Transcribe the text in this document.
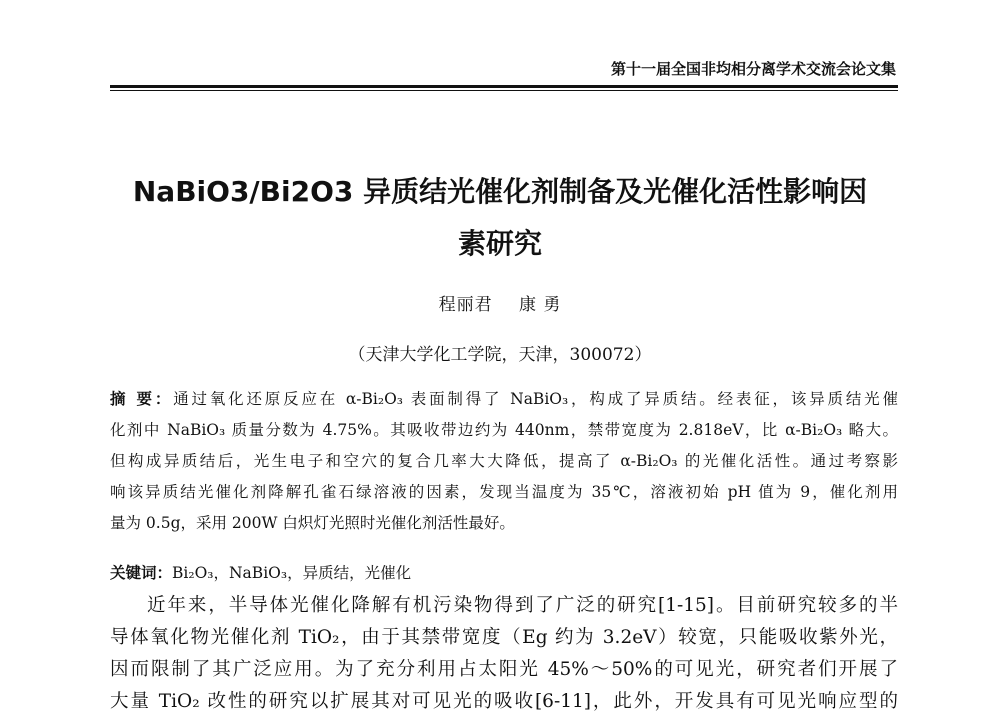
第十一届全国非均相分离学术交流会论文集
NaBiO3/Bi2O3 异质结光催化剂制备及光催化活性影响因
素研究
程丽君 康 勇
（天津大学化工学院，天津，300072）
摘 要：通过氧化还原反应在 α-Bi₂O₃ 表面制得了 NaBiO₃，构成了异质结。经表征，该异质结光催
化剂中 NaBiO₃ 质量分数为 4.75%。其吸收带边约为 440nm，禁带宽度为 2.818eV，比 α-Bi₂O₃ 略大。
但构成异质结后，光生电子和空穴的复合几率大大降低，提高了 α-Bi₂O₃ 的光催化活性。通过考察影
响该异质结光催化剂降解孔雀石绿溶液的因素，发现当温度为 35℃，溶液初始 pH 值为 9，催化剂用
量为 0.5g，采用 200W 白炽灯光照时光催化剂活性最好。
关键词：Bi₂O₃，NaBiO₃，异质结，光催化
近年来，半导体光催化降解有机污染物得到了广泛的研究[1-15]。目前研究较多的半
导体氧化物光催化剂 TiO₂，由于其禁带宽度（Eg 约为 3.2eV）较宽，只能吸收紫外光，
因而限制了其广泛应用。为了充分利用占太阳光 45%～50%的可见光，研究者们开展了
大量 TiO₂ 改性的研究以扩展其对可见光的吸收[6-11]，此外，开发具有可见光响应型的
